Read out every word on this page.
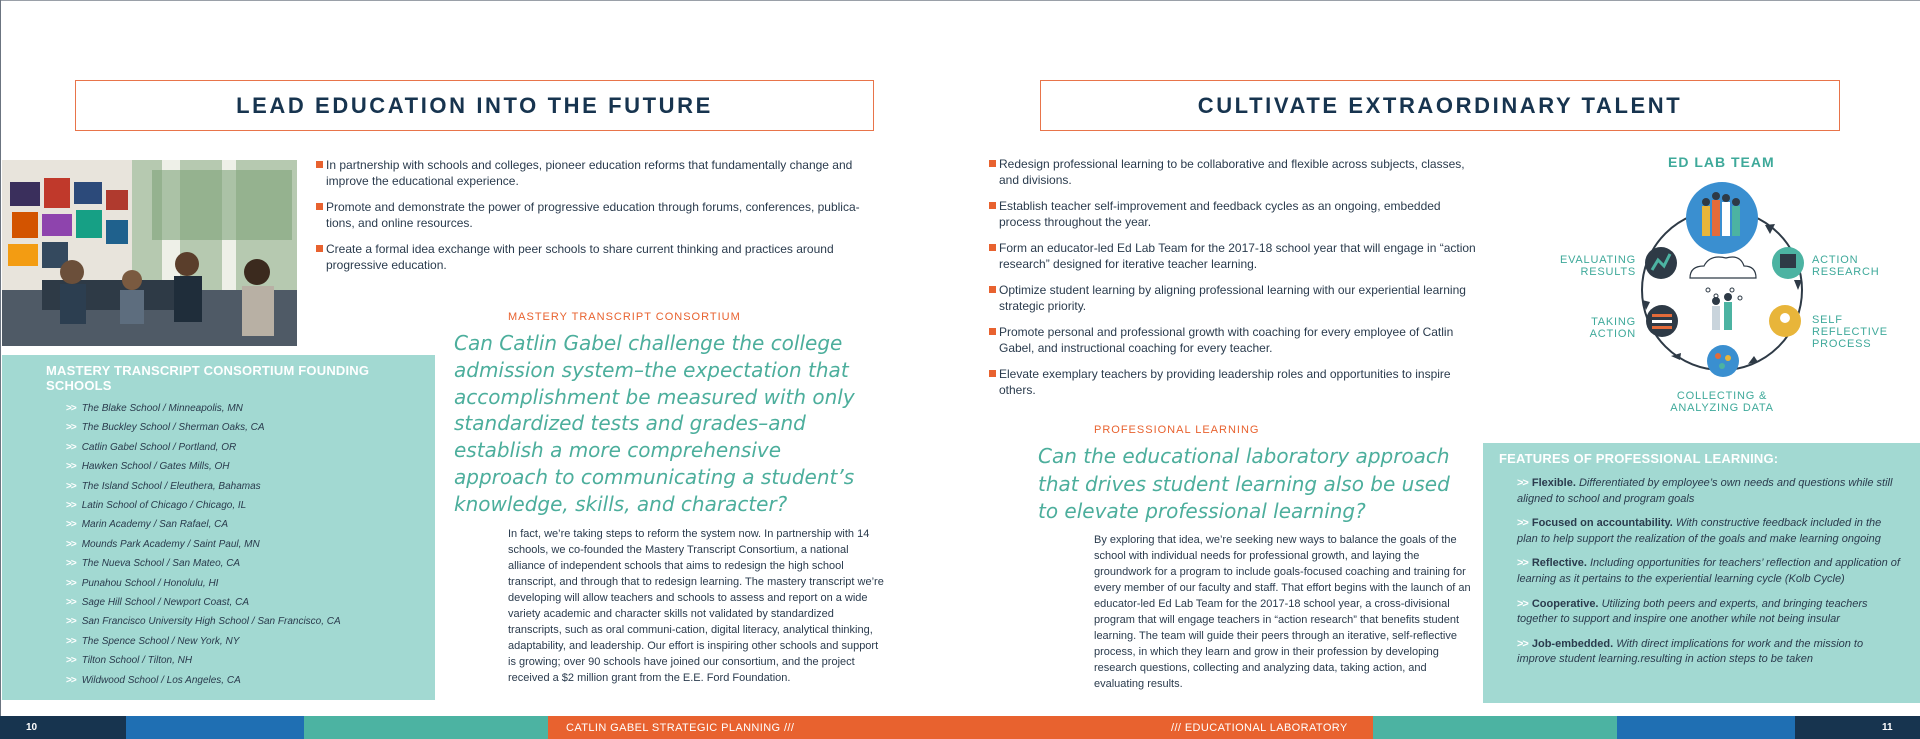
LEAD EDUCATION INTO THE FUTURE
In partnership with schools and colleges, pioneer education reforms that fundamentally change and improve the educational experience.
Promote and demonstrate the power of progressive education through forums, conferences, publica-tions, and online resources.
Create a formal idea exchange with peer schools to share current thinking and practices around progressive education.
MASTERY TRANSCRIPT CONSORTIUM FOUNDING SCHOOLS
>> The Blake School / Minneapolis, MN
>> The Buckley School / Sherman Oaks, CA
>> Catlin Gabel School / Portland, OR
>> Hawken School / Gates Mills, OH
>> The Island School / Eleuthera, Bahamas
>> Latin School of Chicago / Chicago, IL
>> Marin Academy / San Rafael, CA
>> Mounds Park Academy / Saint Paul, MN
>> The Nueva School / San Mateo, CA
>> Punahou School / Honolulu, HI
>> Sage Hill School / Newport Coast, CA
>> San Francisco University High School / San Francisco, CA
>> The Spence School / New York, NY
>> Tilton School / Tilton, NH
>> Wildwood School / Los Angeles, CA
MASTERY TRANSCRIPT CONSORTIUM
Can Catlin Gabel challenge the college admission system–the expectation that accomplishment be measured with only standardized tests and grades–and establish a more comprehensive approach to communicating a student’s knowledge, skills, and character?
In fact, we’re taking steps to reform the system now. In partnership with 14 schools, we co-founded the Mastery Transcript Consortium, a national alliance of independent schools that aims to redesign the high school transcript, and through that to redesign learning. The mastery transcript we’re developing will allow teachers and schools to assess and report on a wide variety academic and character skills not validated by standardized transcripts, such as oral communi-cation, digital literacy, analytical thinking, adaptability, and leadership. Our effort is inspiring other schools and support is growing; over 90 schools have joined our consortium, and the project received a $2 million grant from the E.E. Ford Foundation.
CULTIVATE EXTRAORDINARY TALENT
Redesign professional learning to be collaborative and flexible across subjects, classes, and divisions.
Establish teacher self-improvement and feedback cycles as an ongoing, embedded process throughout the year.
Form an educator-led Ed Lab Team for the 2017-18 school year that will engage in “action research” designed for iterative teacher learning.
Optimize student learning by aligning professional learning with our experiential learning strategic priority.
Promote personal and professional growth with coaching for every employee of Catlin Gabel, and instructional coaching for every teacher.
Elevate exemplary teachers by providing leadership roles and opportunities to inspire others.
ED LAB TEAM
EVALUATING
RESULTS
ACTION
RESEARCH
TAKING
ACTION
SELF REFLECTIVE
PROCESS
COLLECTING &
ANALYZING DATA
PROFESSIONAL LEARNING
Can the educational laboratory approach that drives student learning also be used to elevate professional learning?
By exploring that idea, we’re seeking new ways to balance the goals of the school with individual needs for professional growth, and laying the groundwork for a program to include goals-focused coaching and training for every member of our faculty and staff. That effort begins with the launch of an educator-led Ed Lab Team for the 2017-18 school year, a cross-divisional program that will engage teachers in “action research” that benefits student learning. The team will guide their peers through an iterative, self-reflective process, in which they learn and grow in their profession by developing research questions, collecting and analyzing data, taking action, and evaluating results.
FEATURES OF PROFESSIONAL LEARNING:
>> Flexible. Differentiated by employee’s own needs and questions while still aligned to school and program goals
>> Focused on accountability. With constructive feedback included in the plan to help support the realization of the goals and make learning ongoing
>> Reflective. Including opportunities for teachers’ reflection and application of learning as it pertains to the experiential learning cycle (Kolb Cycle)
>> Cooperative. Utilizing both peers and experts, and bringing teachers together to support and inspire one another while not being insular
>> Job-embedded. With direct implications for work and the mission to improve student learning.resulting in action steps to be taken
10	11
CATLIN GABEL STRATEGIC PLANNING ///	/// EDUCATIONAL LABORATORY
